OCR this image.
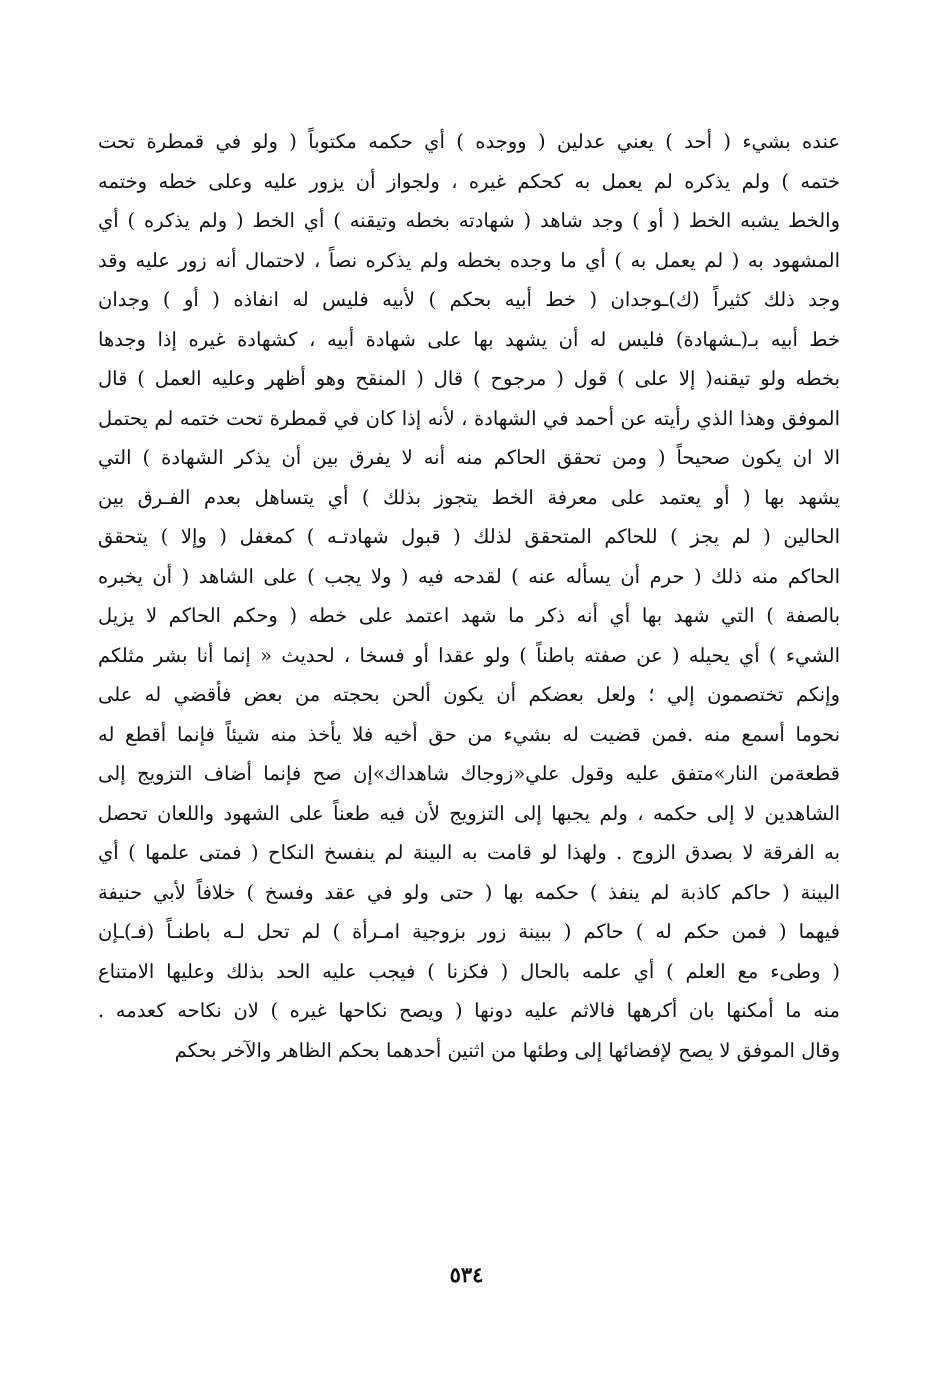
عنده بشيء ( أحد ) يعني عدلين ( ووجده ) أي حكمه مكتوباً ( ولو في قمطرة تحت
ختمه ) ولم يذكره لم يعمل به كحكم غيره ، ولجواز أن يزور عليه وعلى خطه وختمه
والخط يشبه الخط ( أو ) وجد شاهد ( شهادته بخطه وتيقنه ) أي الخط ( ولم يذكره ) أي
المشهود به ( لم يعمل به ) أي ما وجده بخطه ولم يذكره نصاً ، لاحتمال أنه زور عليه وقد
وجد ذلك كثيراً (ك)ـوجدان ( خط أبيه بحكم ) لأبيه فليس له انفاذه ( أو ) وجدان
خط أبيه بـ(ـشهادة) فليس له أن يشهد بها على شهادة أبيه ، كشهادة غيره إذا وجدها
بخطه ولو تيقنه( إلا على ) قول ( مرجوح ) قال ( المنقح وهو أظهر وعليه العمل ) قال
الموفق وهذا الذي رأيته عن أحمد في الشهادة ، لأنه إذا كان في قمطرة تحت ختمه لم يحتمل
الا ان يكون صحيحاً ( ومن تحقق الحاكم منه أنه لا يفرق بين أن يذكر الشهادة ) التي
يشهد بها ( أو يعتمد على معرفة الخط يتجوز بذلك ) أي يتساهل بعدم الفـرق بين
الحالين ( لم يجز ) للحاكم المتحقق لذلك ( قبول شهادتـه ) كمغفل ( وإلا ) يتحقق
الحاكم منه ذلك ( حرم أن يسأله عنه ) لقدحه فيه ( ولا يجب ) على الشاهد ( أن يخبره
بالصفة ) التي شهد بها أي أنه ذكر ما شهد اعتمد على خطه ( وحكم الحاكم لا يزيل
الشيء ) أي يحيله ( عن صفته باطناً ) ولو عقدا أو فسخا ، لحديث « إنما أنا بشر مثلكم
وإنكم تختصمون إلي ؛ ولعل بعضكم أن يكون ألحن بحجته من بعض فأقضي له على
نحوما أسمع منه .فمن قضيت له بشيء من حق أخيه فلا يأخذ منه شيئاً فإنما أقطع له
قطعةمن النار»متفق عليه وقول علي«زوجاك شاهداك»إن صح فإنما أضاف التزويج إلى
الشاهدين لا إلى حكمه ، ولم يجبها إلى التزويج لأن فيه طعناً على الشهود واللعان تحصل
به الفرقة لا بصدق الزوج . ولهذا لو قامت به البينة لم ينفسخ النكاح ( فمتى علمها ) أي
البينة ( حاكم كاذبة لم ينفذ ) حكمه بها ( حتى ولو في عقد وفسخ ) خلافاً لأبي حنيفة
فيهما ( فمن حكم له ) حاكم ( ببينة زور بزوجية امـرأة ) لم تحل لـه باطنـاً (فـ)ـإن
( وطىء مع العلم ) أي علمه بالحال ( فكزنا ) فيجب عليه الحد بذلك وعليها الامتناع
منه ما أمكنها بان أكرهها فالاثم عليه دونها ( ويصح نكاحها غيره ) لان نكاحه كعدمه .
وقال الموفق لا يصح لإفضائها إلى وطئها من اثنين أحدهما بحكم الظاهر والآخر بحكم
٥٣٤
